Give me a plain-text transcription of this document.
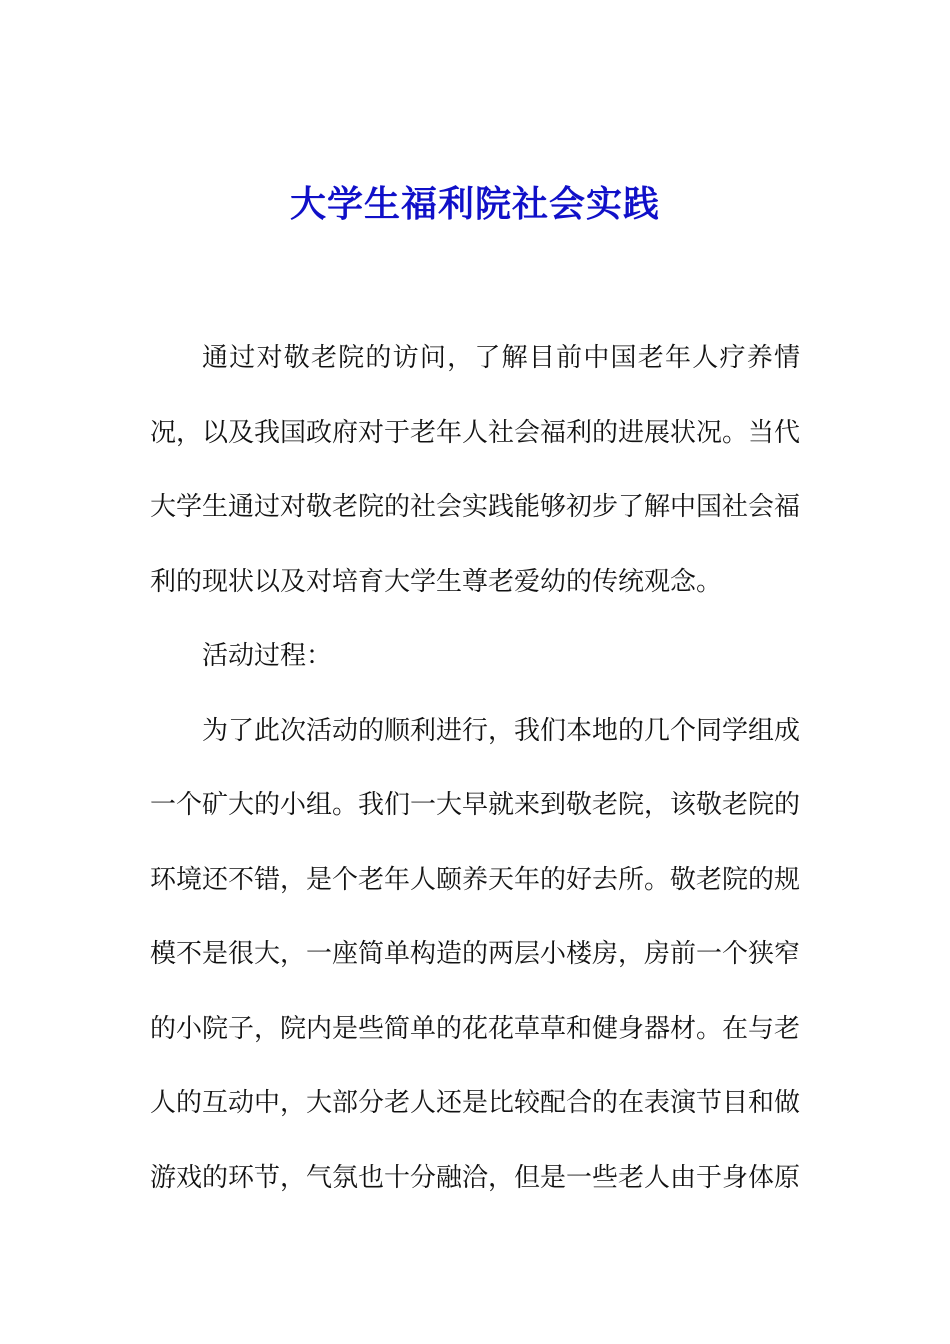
大学生福利院社会实践

通过对敬老院的访问，了解目前中国老年人疗养情况，以及我国政府对于老年人社会福利的进展状况。当代大学生通过对敬老院的社会实践能够初步了解中国社会福利的现状以及对培育大学生尊老爱幼的传统观念。

活动过程：

为了此次活动的顺利进行，我们本地的几个同学组成一个矿大的小组。我们一大早就来到敬老院，该敬老院的环境还不错，是个老年人颐养天年的好去所。敬老院的规模不是很大，一座简单构造的两层小楼房，房前一个狭窄的小院子，院内是些简单的花花草草和健身器材。在与老人的互动中，大部分老人还是比较配合的在表演节目和做游戏的环节，气氛也十分融洽，但是一些老人由于身体原
